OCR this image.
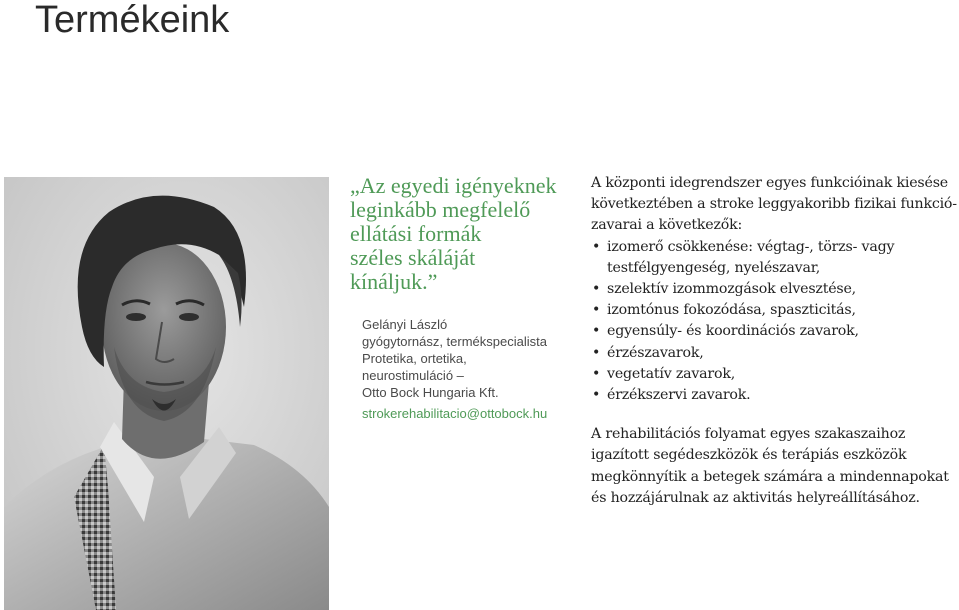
Termékeink
„Az egyedi igényeknek
leginkább megfelelő
ellátási formák
széles skáláját
kínáljuk.”
Gelányi László
gyógytornász, termékspecialista
Protetika, ortetika,
neurostimuláció –
Otto Bock Hungaria Kft.
strokerehabilitacio@ottobock.hu

A központi idegrendszer egyes funkcióinak kiesése
következtében a stroke leggyakoribb fizikai funkció-
zavarai a következők:

• izomerő csökkenése: végtag-, törzs- vagy
testfélgyengeség, nyelészavar,
• szelektív izommozgások elvesztése,
• izomtónus fokozódása, spaszticitás,
• egyensúly- és koordinációs zavarok,
• érzészavarok,
• vegetatív zavarok,
• érzékszervi zavarok.

A rehabilitációs folyamat egyes szakaszaihoz
igazított segédeszközök és terápiás eszközök
megkönnyítik a betegek számára a mindennapokat
és hozzájárulnak az aktivitás helyreállításához.
